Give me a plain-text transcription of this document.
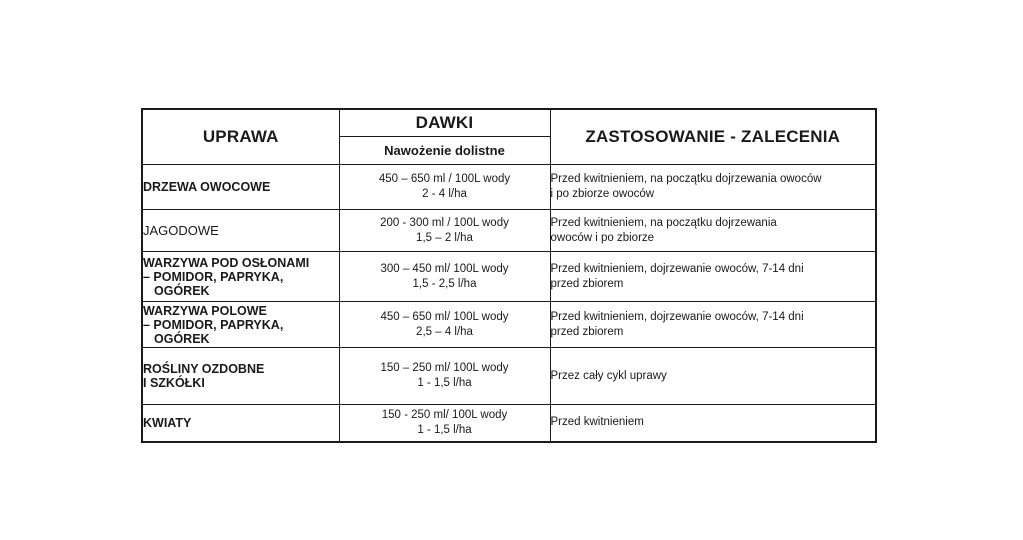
UPRAWA	DAWKI	ZASTOSOWANIE - ZALECENIA
	Nawożenie dolistne	

DRZEWA OWOCOWE	450 – 650 ml / 100L wody
2 - 4 l/ha	Przed kwitnieniem, na początku dojrzewania owoców
i po zbiorze owoców

JAGODOWE	200 - 300 ml / 100L wody
1,5 – 2 l/ha	Przed kwitnieniem, na początku dojrzewania
owoców i po zbiorze

WARZYWA POD OSŁONAMI
– POMIDOR, PAPRYKA,
OGÓREK	300 – 450 ml/ 100L wody
1,5 - 2,5 l/ha	Przed kwitnieniem, dojrzewanie owoców, 7-14 dni
przed zbiorem

WARZYWA POLOWE
– POMIDOR, PAPRYKA,
OGÓREK	450 – 650 ml/ 100L wody
2,5 – 4 l/ha	Przed kwitnieniem, dojrzewanie owoców, 7-14 dni
przed zbiorem

ROŚLINY OZDOBNE
I SZKÓŁKI	150 – 250 ml/ 100L wody
1 - 1,5 l/ha	Przez cały cykl uprawy

KWIATY	150 - 250 ml/ 100L wody
1 - 1,5 l/ha	Przed kwitnieniem
